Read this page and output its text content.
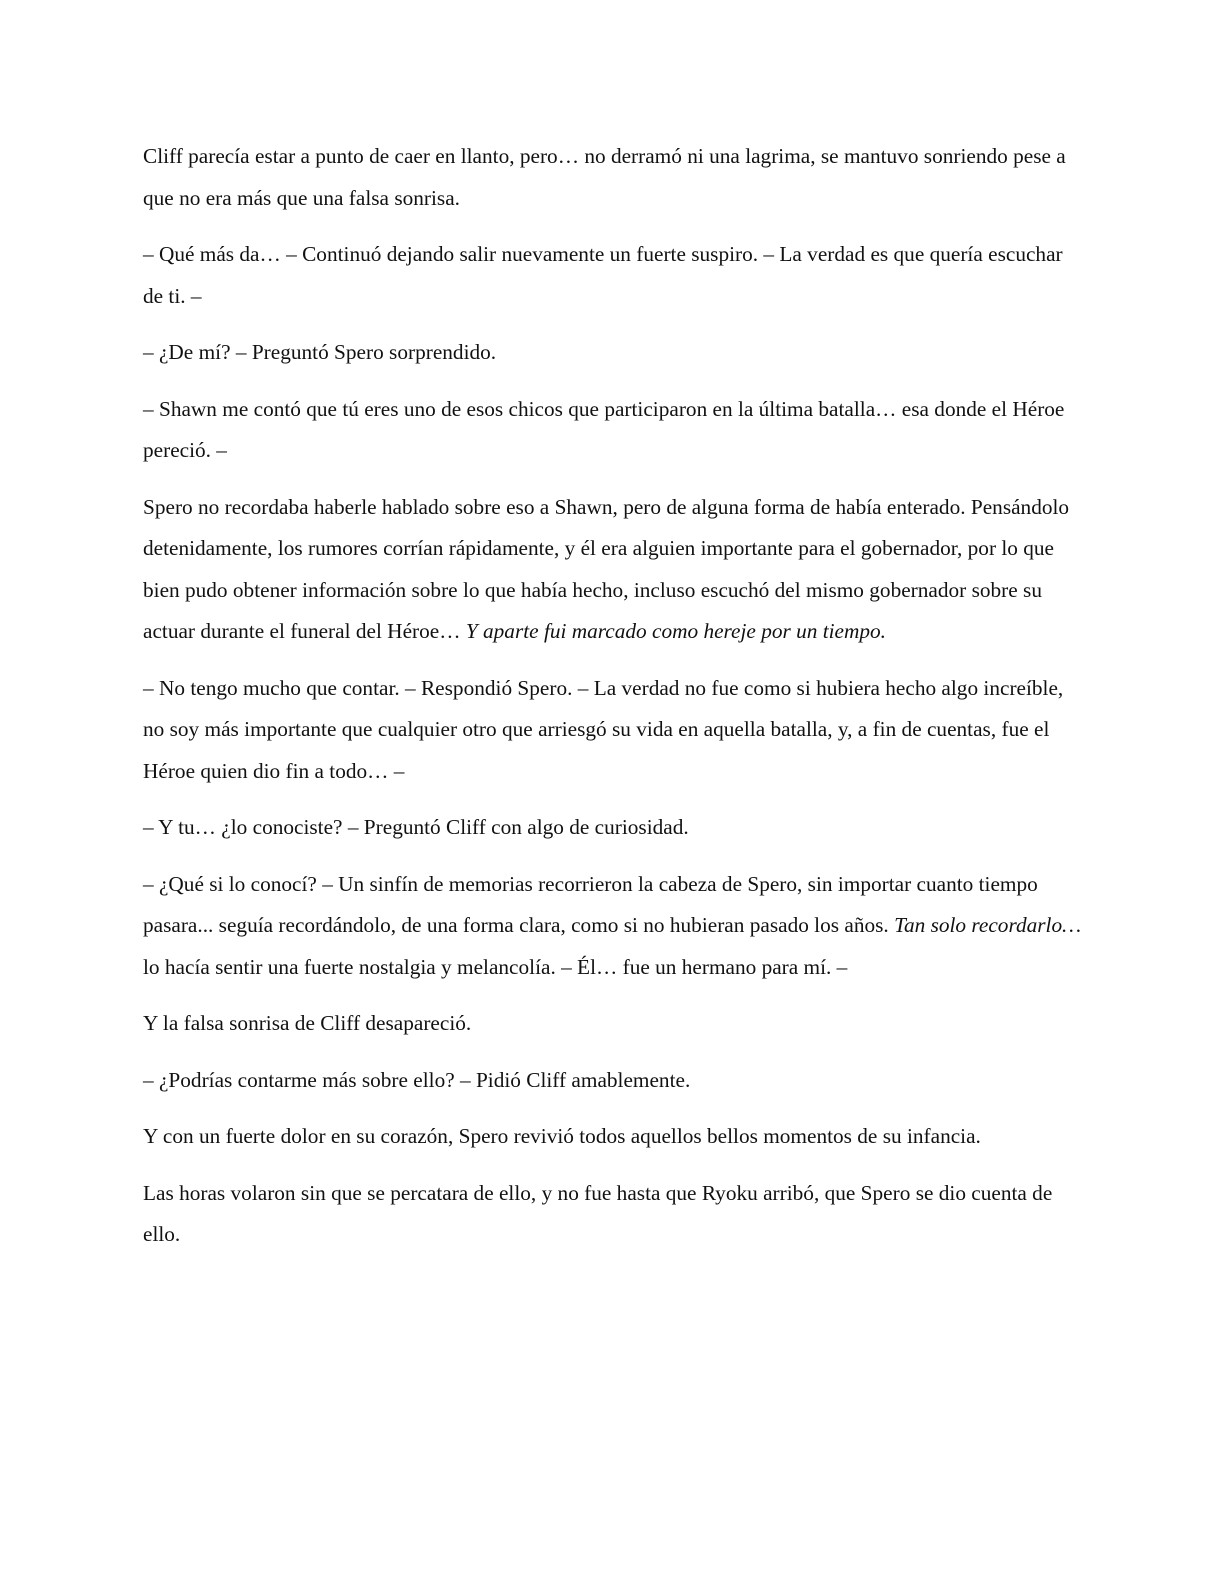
Cliff parecía estar a punto de caer en llanto, pero… no derramó ni una lagrima, se mantuvo sonriendo pese a que no era más que una falsa sonrisa.

– Qué más da… – Continuó dejando salir nuevamente un fuerte suspiro. – La verdad es que quería escuchar de ti. –

– ¿De mí? – Preguntó Spero sorprendido.

– Shawn me contó que tú eres uno de esos chicos que participaron en la última batalla… esa donde el Héroe pereció. –

Spero no recordaba haberle hablado sobre eso a Shawn, pero de alguna forma de había enterado. Pensándolo detenidamente, los rumores corrían rápidamente, y él era alguien importante para el gobernador, por lo que bien pudo obtener información sobre lo que había hecho, incluso escuchó del mismo gobernador sobre su actuar durante el funeral del Héroe… Y aparte fui marcado como hereje por un tiempo.

– No tengo mucho que contar. – Respondió Spero. – La verdad no fue como si hubiera hecho algo increíble, no soy más importante que cualquier otro que arriesgó su vida en aquella batalla, y, a fin de cuentas, fue el Héroe quien dio fin a todo… –

– Y tu… ¿lo conociste? – Preguntó Cliff con algo de curiosidad.

– ¿Qué si lo conocí? – Un sinfín de memorias recorrieron la cabeza de Spero, sin importar cuanto tiempo pasara... seguía recordándolo, de una forma clara, como si no hubieran pasado los años. Tan solo recordarlo… lo hacía sentir una fuerte nostalgia y melancolía. – Él… fue un hermano para mí. –

Y la falsa sonrisa de Cliff desapareció.

– ¿Podrías contarme más sobre ello? – Pidió Cliff amablemente.

Y con un fuerte dolor en su corazón, Spero revivió todos aquellos bellos momentos de su infancia.

Las horas volaron sin que se percatara de ello, y no fue hasta que Ryoku arribó, que Spero se dio cuenta de ello.
